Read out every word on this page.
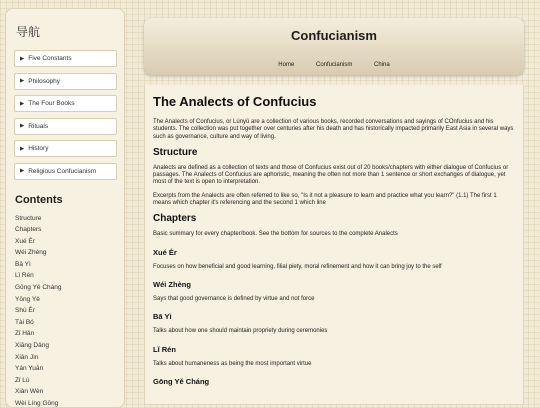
导航
▶ Five Constants
▶ Philosophy
▶ The Four Books
▶ Rituals
▶ History
▶ Religious Confucianism
Contents
Structure
Chapters
Xué Ér
Wéi Zhèng
Bā Yì
Lǐ Rén
Gōng Yě Cháng
Yōng Yě
Shù Ér
Tài Bó
Zǐ Hǎn
Xiāng Dǎng
Xiān Jìn
Yán Yuān
Zǐ Lù
Xiàn Wèn
Wèi Líng Gōng
Confucianism
Home	Confucianism	China
The Analects of Confucius

The Analects of Confucius, or Lúnyǔ are a collection of various books, recorded conversations and sayings of COnfucius and his students. The collection was put together over centuries after his death and has historically impacted primarily East Asia in several ways such as governance, culture and way of living.

Structure

Analects are defined as a collection of texts and those of Confucius exist out of 20 books/chapters with either dialogue of Confucius or passages. The Analects of Confucius are aphoristic, meaning the often not more than 1 sentence or short exchanges of dialogue, yet most of the text is open to interpretation.

Excerpts from the Analects are often referred to like so, "Is it not a pleasure to learn and practice what you learn?" (1.1) The first 1 means which chapter it's referencing and the second 1 which line

Chapters

Basic summary for every chapter/book. See the bottom for sources to the complete Analects

Xué Ér

Focuses on how beneficial and good learning, filial piety, moral refinement and how it can bring joy to the self

Wéi Zhèng

Says that good governance is defined by virtue and not force

Bā Yì

Talks about how one should maintain propriety during ceremonies

Lǐ Rén

Talks about humaneness as being the most important virtue

Gōng Yě Cháng
